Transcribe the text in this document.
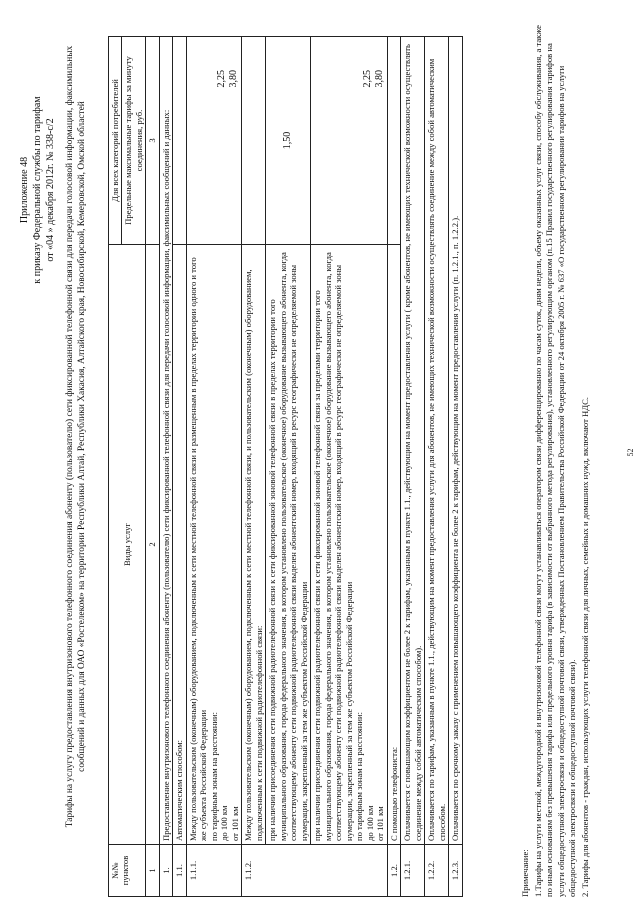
Приложение 48 к приказу Федеральной службы по тарифам от «04 » декабря 2012г. № 338-с/2 Тарифы на услугу предоставления внутризонового телефонного соединения абоненту (пользователю) сети фиксированной телефонной связи для передачи голосовой информации, факсимильных сообщений и данных для ОАО «Ростелеком» на территории Республики Алтай, Республики Хакасия, Алтайского края, Новосибирской, Кемеровской, Омской областей
№№ пунктов	Виды услуг	Для всех категорий потребителей
		Предельные максимальные тарифы за минуту соединения, руб.
1	2	3
1.	Предоставление внутризонового телефонного соединения абоненту (пользователю) сети фиксированной телефонной связи для передачи голосовой информации, факсимильных сообщений и данных:	
1.1.	Автоматическим способом:	
1.1.1.	Между пользовательским (оконечным) оборудованием, подключенным к сети местной телефонной связи и размещенным в пределах территории одного и того же субъекта Российской Федерации по тарифным зонам на расстоянии: до 100 км от 101 км	2,25 3,80

1.1.2.	Между пользовательским (оконечным) оборудованием, подключенным к сети местной телефонной связи, и пользовательским (оконечным) оборудованием, подключенным к сети подвижной радиотелефонной связи:	
	при наличии присоединения сети подвижной радиотелефонной связи к сети фиксированной зоновой телефонной связи в пределах территории того муниципального образования, города федерального значения, в котором установлено пользовательское (оконечное) оборудование вызывающего абонента, когда соответствующему абоненту сети подвижной радиотелефонной связи выделен абонентский номер, входящий в ресурс географически не определяемой зоны нумерации, закрепленный за тем же субъектом Российской Федерации	1,50

	при наличии присоединения сети подвижной радиотелефонной связи к сети фиксированной зоновой телефонной связи за пределами территории того муниципального образования, города федерального значения, в котором установлено пользовательское (оконечное) оборудование вызывающего абонента, когда соответствующему абоненту сети подвижной радиотелефонной связи выделен абонентский номер, входящий в ресурс географически не определяемой зоны нумерации, закрепленный за тем же субъектом Российской Федерации по тарифным зонам на расстоянии: до 100 км от 101 км	2,25 3,80

1.2.	С помощью телефониста:	
1.2.1.	Оплачивается с повышающим коэффициентом не более 2 к тарифам, указанным в пункте 1.1., действующим на момент предоставления услуги ( кроме абонентов, не имеющих технической возможности осуществлять соединение между собой автоматическим способом).	
1.2.2.	Оплачивается по тарифам, указанным в пункте 1.1., действующим на момент предоставления услуги для абонентов, не имеющих технической возможности осуществлять соединение между собой автоматическим способом.	
1.2.3.	Оплачивается по срочному заказу с применением повышающего коэффициента не более 2 к тарифам, действующим на момент предоставления услуги (п. 1.2.1., п. 1.2.2.).	

Примечание: 1.Тарифы на услуги местной, междугородной и внутризоновой телефонной связи могут устанавливаться оператором связи дифференцированно по часам суток, дням недели, объему оказанных услуг связи, способу обслуживания, а также по иным основаниям без превышения тарифа или предельного уровня тарифа (в зависимости от выбранного метода регулирования), установленного регулирующим органом (п.15 Правил государственного регулирования тарифов на услуги общедоступной электросвязи и общедоступной почтовой связи, утвержденных Постановлением Правительства Российской Федерации от 24 октября 2005 г. № 637 «О государственном регулировании тарифов на услуги общедоступной электросвязи и общедоступной почтовой связи). 2. Тарифы для абонентов - граждан, использующих услуги телефонной связи для личных, семейных и домашних нужд, включают НДС.	52
